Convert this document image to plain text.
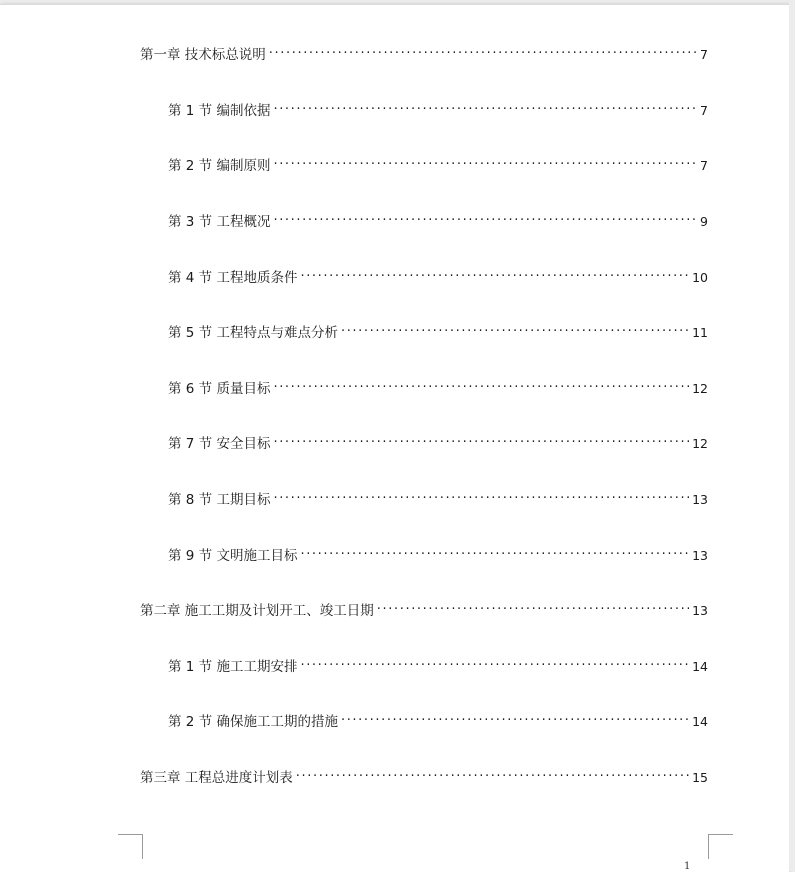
第一章 技术标总说明 .....	7
第 1 节 编制依据 .....	7
第 2 节 编制原则 .....	7
第 3 节 工程概况 .....	9
第 4 节 工程地质条件 .....	10
第 5 节 工程特点与难点分析 .....	11
第 6 节 质量目标 .....	12
第 7 节 安全目标 .....	12
第 8 节 工期目标 .....	13
第 9 节 文明施工目标 .....	13
第二章 施工工期及计划开工、竣工日期 .....	13
第 1 节 施工工期安排 .....	14
第 2 节 确保施工工期的措施 .....	14
第三章 工程总进度计划表 .....	15
1
